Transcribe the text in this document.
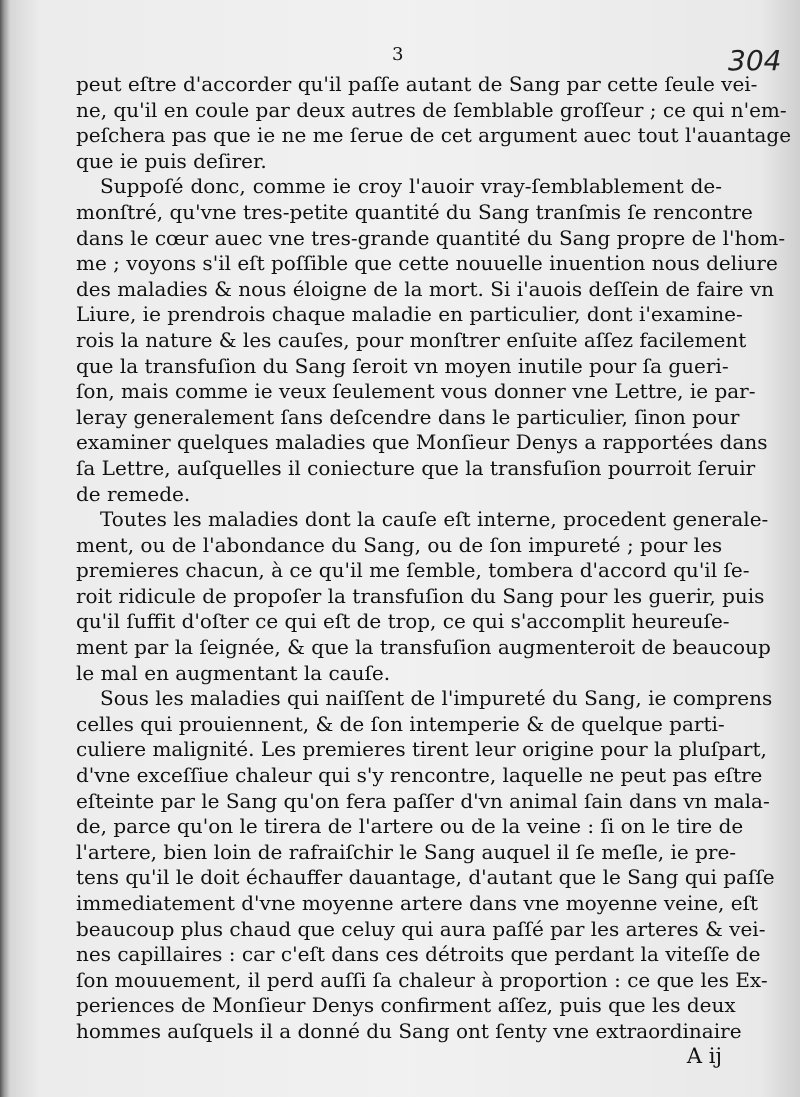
3	304
peut eſtre d'accorder qu'il paſſe autant de Sang par cette ſeule vei-
ne, qu'il en coule par deux autres de ſemblable groſſeur ; ce qui n'em-
peſchera pas que ie ne me ſerue de cet argument auec tout l'auantage
que ie puis deſirer.
Suppoſé donc, comme ie croy l'auoir vray-ſemblablement de-
monſtré, qu'vne tres-petite quantité du Sang tranſmis ſe rencontre
dans le cœur auec vne tres-grande quantité du Sang propre de l'hom-
me ; voyons s'il eſt poſſible que cette nouuelle inuention nous deliure
des maladies & nous éloigne de la mort. Si i'auois deſſein de faire vn
Liure, ie prendrois chaque maladie en particulier, dont i'examine-
rois la nature & les cauſes, pour monſtrer enſuite aſſez facilement
que la transfuſion du Sang ſeroit vn moyen inutile pour ſa gueri-
ſon, mais comme ie veux ſeulement vous donner vne Lettre, ie par-
leray generalement ſans deſcendre dans le particulier, ſinon pour
examiner quelques maladies que Monſieur Denys a rapportées dans
ſa Lettre, auſquelles il coniecture que la transfuſion pourroit ſeruir
de remede.
Toutes les maladies dont la cauſe eſt interne, procedent generale-
ment, ou de l'abondance du Sang, ou de ſon impureté ; pour les
premieres chacun, à ce qu'il me ſemble, tombera d'accord qu'il ſe-
roit ridicule de propoſer la transfuſion du Sang pour les guerir, puis
qu'il ſuffit d'oſter ce qui eſt de trop, ce qui s'accomplit heureuſe-
ment par la ſeignée, & que la transfuſion augmenteroit de beaucoup
le mal en augmentant la cauſe.
Sous les maladies qui naiſſent de l'impureté du Sang, ie comprens
celles qui prouiennent, & de ſon intemperie & de quelque parti-
culiere malignité. Les premieres tirent leur origine pour la pluſpart,
d'vne exceſſiue chaleur qui s'y rencontre, laquelle ne peut pas eſtre
eſteinte par le Sang qu'on fera paſſer d'vn animal ſain dans vn mala-
de, parce qu'on le tirera de l'artere ou de la veine : ſi on le tire de
l'artere, bien loin de rafraiſchir le Sang auquel il ſe meſle, ie pre-
tens qu'il le doit échauffer dauantage, d'autant que le Sang qui paſſe
immediatement d'vne moyenne artere dans vne moyenne veine, eſt
beaucoup plus chaud que celuy qui aura paſſé par les arteres & vei-
nes capillaires : car c'eſt dans ces détroits que perdant la viteſſe de
ſon mouuement, il perd auſſi ſa chaleur à proportion : ce que les Ex-
periences de Monſieur Denys confirment aſſez, puis que les deux
hommes auſquels il a donné du Sang ont ſenty vne extraordinaire
A ij
